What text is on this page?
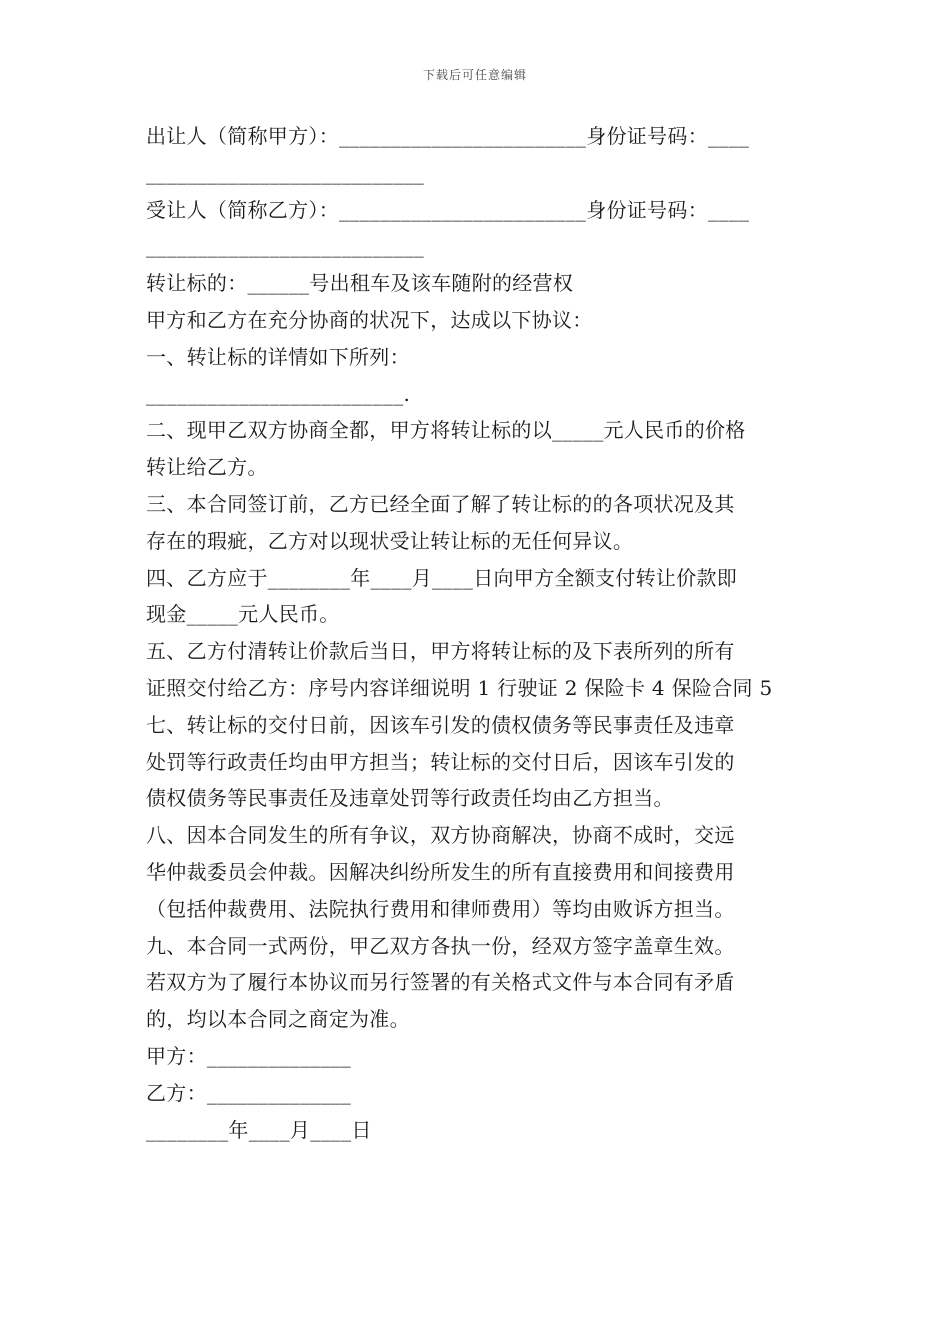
下载后可任意编辑
出让人（简称甲方）：________________________身份证号码：____
___________________________
受让人（简称乙方）：________________________身份证号码：____
___________________________
转让标的：______号出租车及该车随附的经营权
甲方和乙方在充分协商的状况下，达成以下协议：
一、转让标的详情如下所列：
_________________________.
二、现甲乙双方协商全都，甲方将转让标的以_____元人民币的价格
转让给乙方。
三、本合同签订前，乙方已经全面了解了转让标的的各项状况及其
存在的瑕疵，乙方对以现状受让转让标的无任何异议。
四、乙方应于________年____月____日向甲方全额支付转让价款即
现金_____元人民币。
五、乙方付清转让价款后当日，甲方将转让标的及下表所列的所有
证照交付给乙方：序号内容详细说明 1 行驶证 2 保险卡 4 保险合同 5
七、转让标的交付日前，因该车引发的债权债务等民事责任及违章
处罚等行政责任均由甲方担当；转让标的交付日后，因该车引发的
债权债务等民事责任及违章处罚等行政责任均由乙方担当。
八、因本合同发生的所有争议，双方协商解决，协商不成时，交远
华仲裁委员会仲裁。因解决纠纷所发生的所有直接费用和间接费用
（包括仲裁费用、法院执行费用和律师费用）等均由败诉方担当。
九、本合同一式两份，甲乙双方各执一份，经双方签字盖章生效。
若双方为了履行本协议而另行签署的有关格式文件与本合同有矛盾
的，均以本合同之商定为准。
甲方：______________
乙方：______________
________年____月____日
